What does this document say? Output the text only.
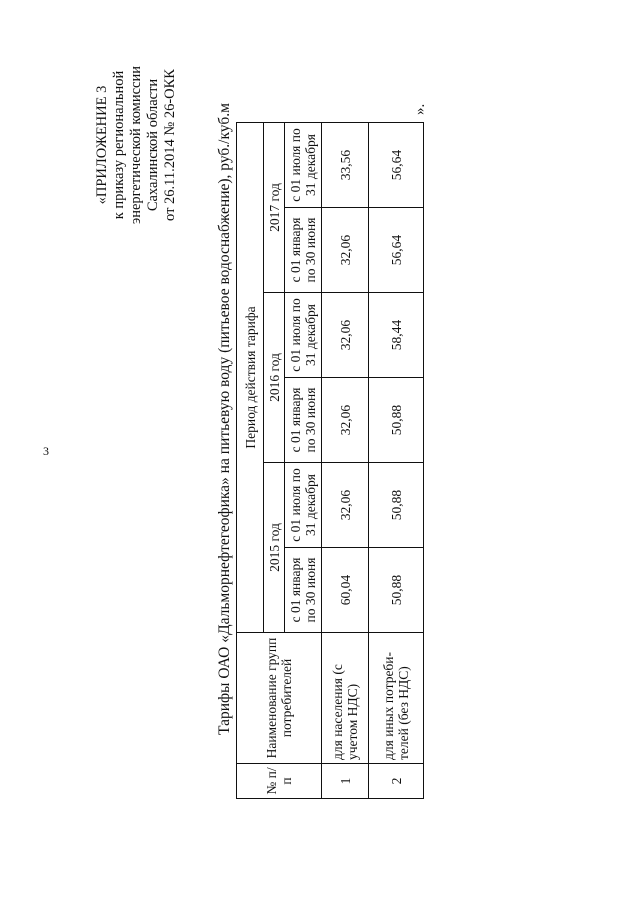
3
«ПРИЛОЖЕНИЕ 3 к приказу региональной энергетической комиссии Сахалинской области от 26.11.2014 № 26-ОКК Тарифы ОАО «Дальморнефтегеофика» на питьевую воду (питьевое водоснабжение), руб./куб.м
№ п/п	Наименование групп потребителей	Период действия тарифа					
		2015 год		2016 год		2017 год	
		с 01 января по 30 июня	с 01 июля по 31 декабря	с 01 января по 30 июня	с 01 июля по 31 декабря	с 01 января по 30 июня	с 01 июля по 31 декабря
1	для населения (с учетом НДС)	60,04	32,06	32,06	32,06	32,06	33,56
2	для иных потреби-телей (без НДС)	50,88	50,88	50,88	58,44	56,64	56,64
».
